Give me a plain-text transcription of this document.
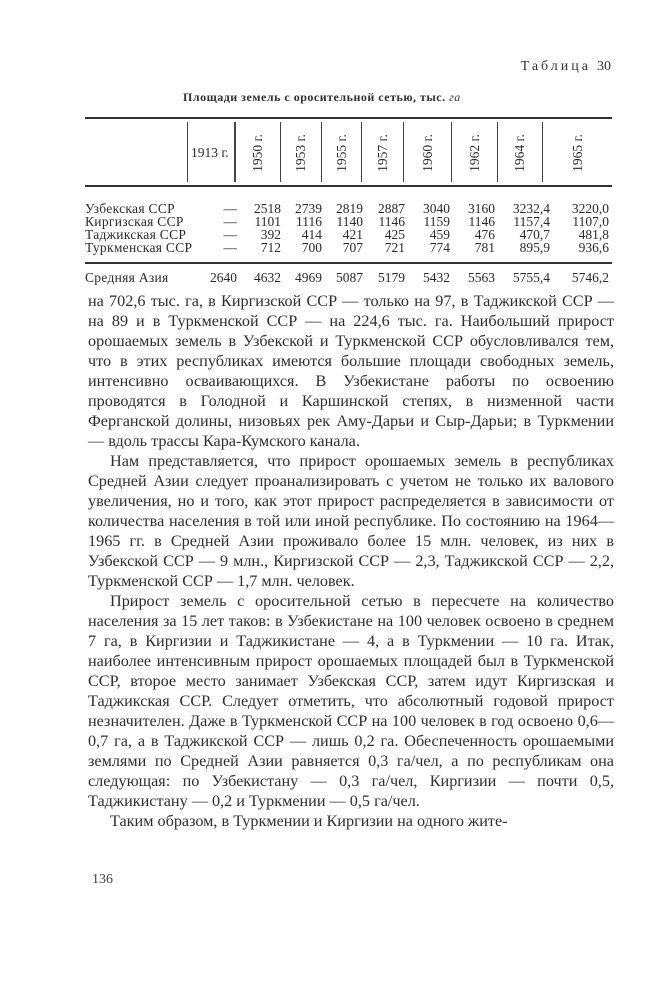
Таблица 30
Площади земель с оросительной сетью, тыс. га
1913 г. 1950 г. 1953 г. 1955 г. 1957 г. 1960 г. 1962 г. 1964 г.	1965 г.
Узбекская ССР	— 2518 2739 2819 2887 3040 3160 3232,4 3220,0
Киргизская ССР	— 1101 1116 1140 1146 1159 1146 1157,4 1107,0
Таджикская ССР	— 392 414 421 425 459 476 470,7 481,8
Туркменская ССР — 712 700 707 721 774 781 895,9 936,6
Средняя Азия	2640 4632 4969 5087 5179 5432 5563 5755,4 5746,2

на 702,6 тыс. га, в Киргизской ССР — только на 97, в Таджикской ССР — на 89 и в Туркменской ССР — на 224,6 тыс. га. Наибольший прирост орошаемых земель в Узбекской и Туркменской ССР обусловливался тем, что в этих республиках имеются большие площади свободных земель, интенсивно осваивающихся. В Узбекистане работы по освоению проводятся в Голодной и Каршинской степях, в низменной части Ферганской долины, низовьях рек Аму-Дарьи и Сыр-Дарьи; в Туркмении — вдоль трассы Кара-Кумского канала.

Нам представляется, что прирост орошаемых земель в республиках Средней Азии следует проанализировать с учетом не только их валового увеличения, но и того, как этот прирост распределяется в зависимости от количества населения в той или иной республике. По состоянию на 1964—1965 гг. в Средней Азии проживало более 15 млн. человек, из них в Узбекской ССР — 9 млн., Киргизской ССР — 2,3, Таджикской ССР — 2,2, Туркменской ССР — 1,7 млн. человек.

Прирост земель с оросительной сетью в пересчете на количество населения за 15 лет таков: в Узбекистане на 100 человек освоено в среднем 7 га, в Киргизии и Таджикистане — 4, а в Туркмении — 10 га. Итак, наиболее интенсивным прирост орошаемых площадей был в Туркменской ССР, второе место занимает Узбекская ССР, затем идут Киргизская и Таджикская ССР. Следует отметить, что абсолютный годовой прирост незначителен. Даже в Туркменской ССР на 100 человек в год освоено 0,6—0,7 га, а в Таджикской ССР — лишь 0,2 га. Обеспеченность орошаемыми землями по Средней Азии равняется 0,3 га/чел, а по республикам она следующая: по Узбекистану — 0,3 га/чел, Киргизии — почти 0,5, Таджикистану — 0,2 и Туркмении — 0,5 га/чел.

Таким образом, в Туркмении и Киргизии на одного жите-

136
